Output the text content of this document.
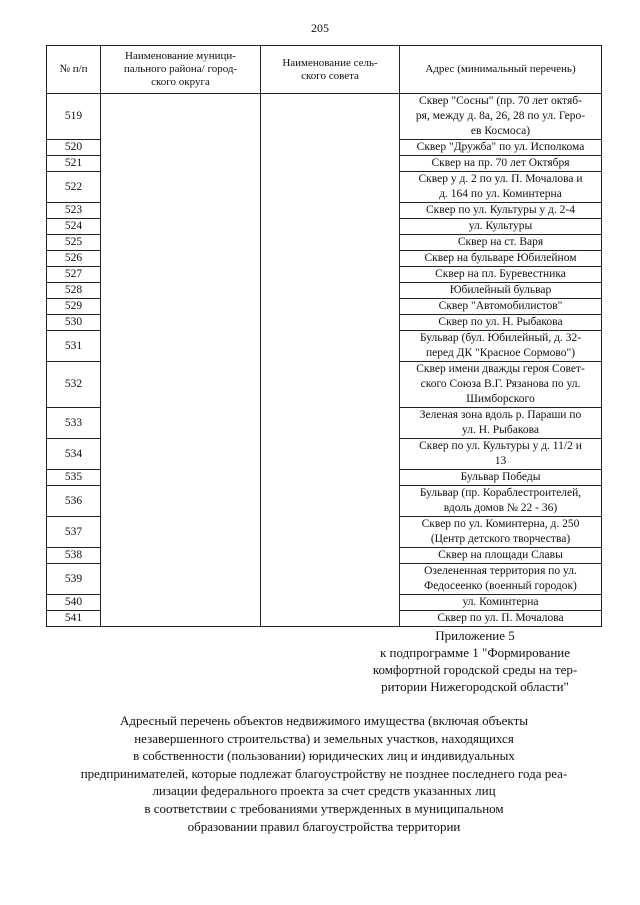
205
№ п/п	Наименование муници-
пального района/ город-
ского округа	Наименование сель-
ского совета	Адрес (минимальный перечень)
519			Сквер "Сосны" (пр. 70 лет октяб-
ря, между д. 8а, 26, 28 по ул. Геро-
ев Космоса)
520			Сквер "Дружба" по ул. Исполкома
521			Сквер на пр. 70 лет Октября
522			Сквер у д. 2 по ул. П. Мочалова и
д. 164 по ул. Коминтерна
523			Сквер по ул. Культуры у д. 2-4
524			ул. Культуры
525			Сквер на ст. Варя
526			Сквер на бульваре Юбилейном
527			Сквер на пл. Буревестника
528			Юбилейный бульвар
529			Сквер "Автомобилистов"
530			Сквер по ул. Н. Рыбакова
531			Бульвар (бул. Юбилейный, д. 32-
перед ДК "Красное Сормово")
532			Сквер имени дважды героя Совет-
ского Союза В.Г. Рязанова по ул.
Шимборского
533			Зеленая зона вдоль р. Параши по
ул. Н. Рыбакова
534			Сквер по ул. Культуры у д. 11/2 и
13
535			Бульвар Победы
536			Бульвар (пр. Кораблестроителей,
вдоль домов № 22 - 36)
537			Сквер по ул. Коминтерна, д. 250
(Центр детского творчества)
538			Сквер на площади Славы
539			Озелененная территория по ул.
Федосеенко (военный городок)
540			ул. Коминтерна
541			Сквер по ул. П. Мочалова
Приложение 5
к подпрограмме 1 "Формирование
комфортной городской среды на тер-
ритории Нижегородской области"
Адресный перечень объектов недвижимого имущества (включая объекты
незавершенного строительства) и земельных участков, находящихся
в собственности (пользовании) юридических лиц и индивидуальных
предпринимателей, которые подлежат благоустройству не позднее последнего года реа-
лизации федерального проекта за счет средств указанных лиц
в соответствии с требованиями утвержденных в муниципальном
образовании правил благоустройства территории
